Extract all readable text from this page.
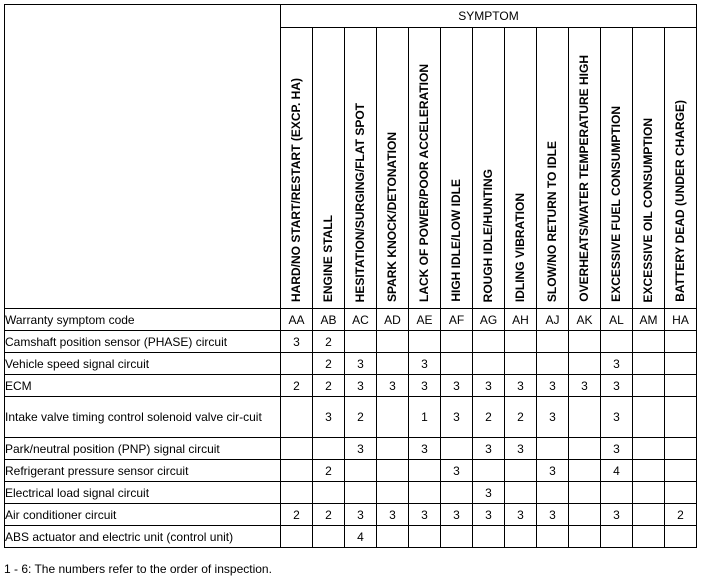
	SYMPTOM												

	HARD/NO START/RESTART (EXCP. HA)	ENGINE STALL	HESITATION/SURGING/FLAT SPOT	SPARK KNOCK/DETONATION	LACK OF POWER/POOR ACCELERATION	HIGH IDLE/LOW IDLE	ROUGH IDLE/HUNTING	IDLING VIBRATION	SLOW/NO RETURN TO IDLE	OVERHEATS/WATER TEMPERATURE HIGH	EXCESSIVE FUEL CONSUMPTION	EXCESSIVE OIL CONSUMPTION	BATTERY DEAD (UNDER CHARGE)

Warranty symptom code	AA	AB	AC	AD	AE	AF	AG	AH	AJ	AK	AL	AM	HA
Camshaft position sensor (PHASE) circuit	3	2											
Vehicle speed signal circuit		2	3		3						3		
ECM	2	2	3	3	3	3	3	3	3	3	3		
Intake valve timing control solenoid valve cir-cuit		3	2		1	3	2	2	3		3		
Park/neutral position (PNP) signal circuit			3		3		3	3			3		
Refrigerant pressure sensor circuit		2				3			3		4		
Electrical load signal circuit							3						
Air conditioner circuit	2	2	3	3	3	3	3	3	3		3		2
ABS actuator and electric unit (control unit)			4										
1 - 6: The numbers refer to the order of inspection.
